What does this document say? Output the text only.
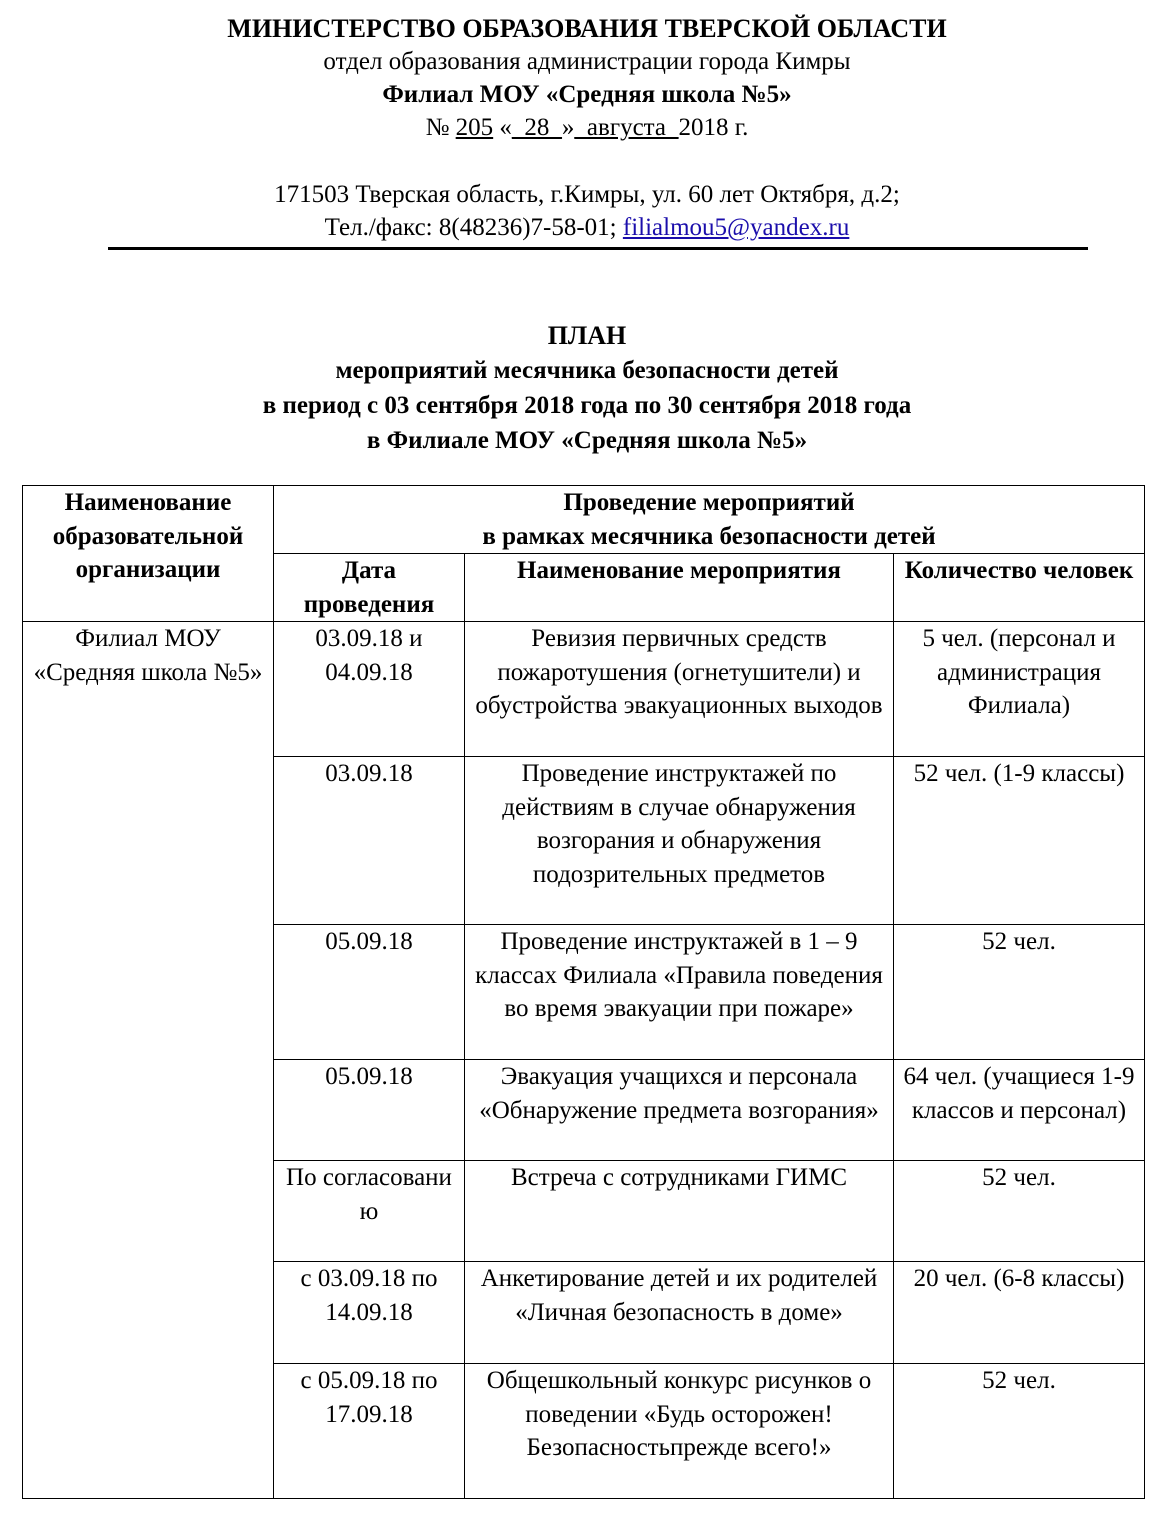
МИНИСТЕРСТВО ОБРАЗОВАНИЯ ТВЕРСКОЙ ОБЛАСТИ
отдел образования администрации города Кимры
Филиал МОУ «Средняя школа №5»
№ 205 «_28_»_августа_2018 г.
171503 Тверская область, г.Кимры, ул. 60 лет Октября, д.2;
Тел./факс: 8(48236)7-58-01; filialmou5@yandex.ru
ПЛАН
мероприятий месячника безопасности детей
в период с 03 сентября 2018 года по 30 сентября 2018 года
в Филиале МОУ «Средняя школа №5»
Наименование образовательной организации	Проведение мероприятий
в рамках месячника безопасности детей		
	Дата проведения	Наименование мероприятия	Количество человек
Филиал МОУ «Средняя школа №5»	03.09.18 и 04.09.18	Ревизия первичных средств пожаротушения (огнетушители) и обустройства эвакуационных выходов	5 чел. (персонал и администрация Филиала)
	03.09.18	Проведение инструктажей по действиям в случае обнаружения возгорания и обнаружения подозрительных предметов	52 чел. (1-9 классы)
	05.09.18	Проведение инструктажей в 1 – 9 классах Филиала «Правила поведения во время эвакуации при пожаре»	52 чел.
	05.09.18	Эвакуация учащихся и персонала «Обнаружение предмета возгорания»	64 чел. (учащиеся 1-9 классов и персонал)
	По согласованию	Встреча с сотрудниками ГИМС	52 чел.
	с 03.09.18 по 14.09.18	Анкетирование детей и их родителей «Личная безопасность в доме»	20 чел. (6-8 классы)
	с 05.09.18 по 17.09.18	Общешкольный конкурс рисунков о поведении «Будь осторожен! Безопасностьпрежде всего!»	52 чел.
